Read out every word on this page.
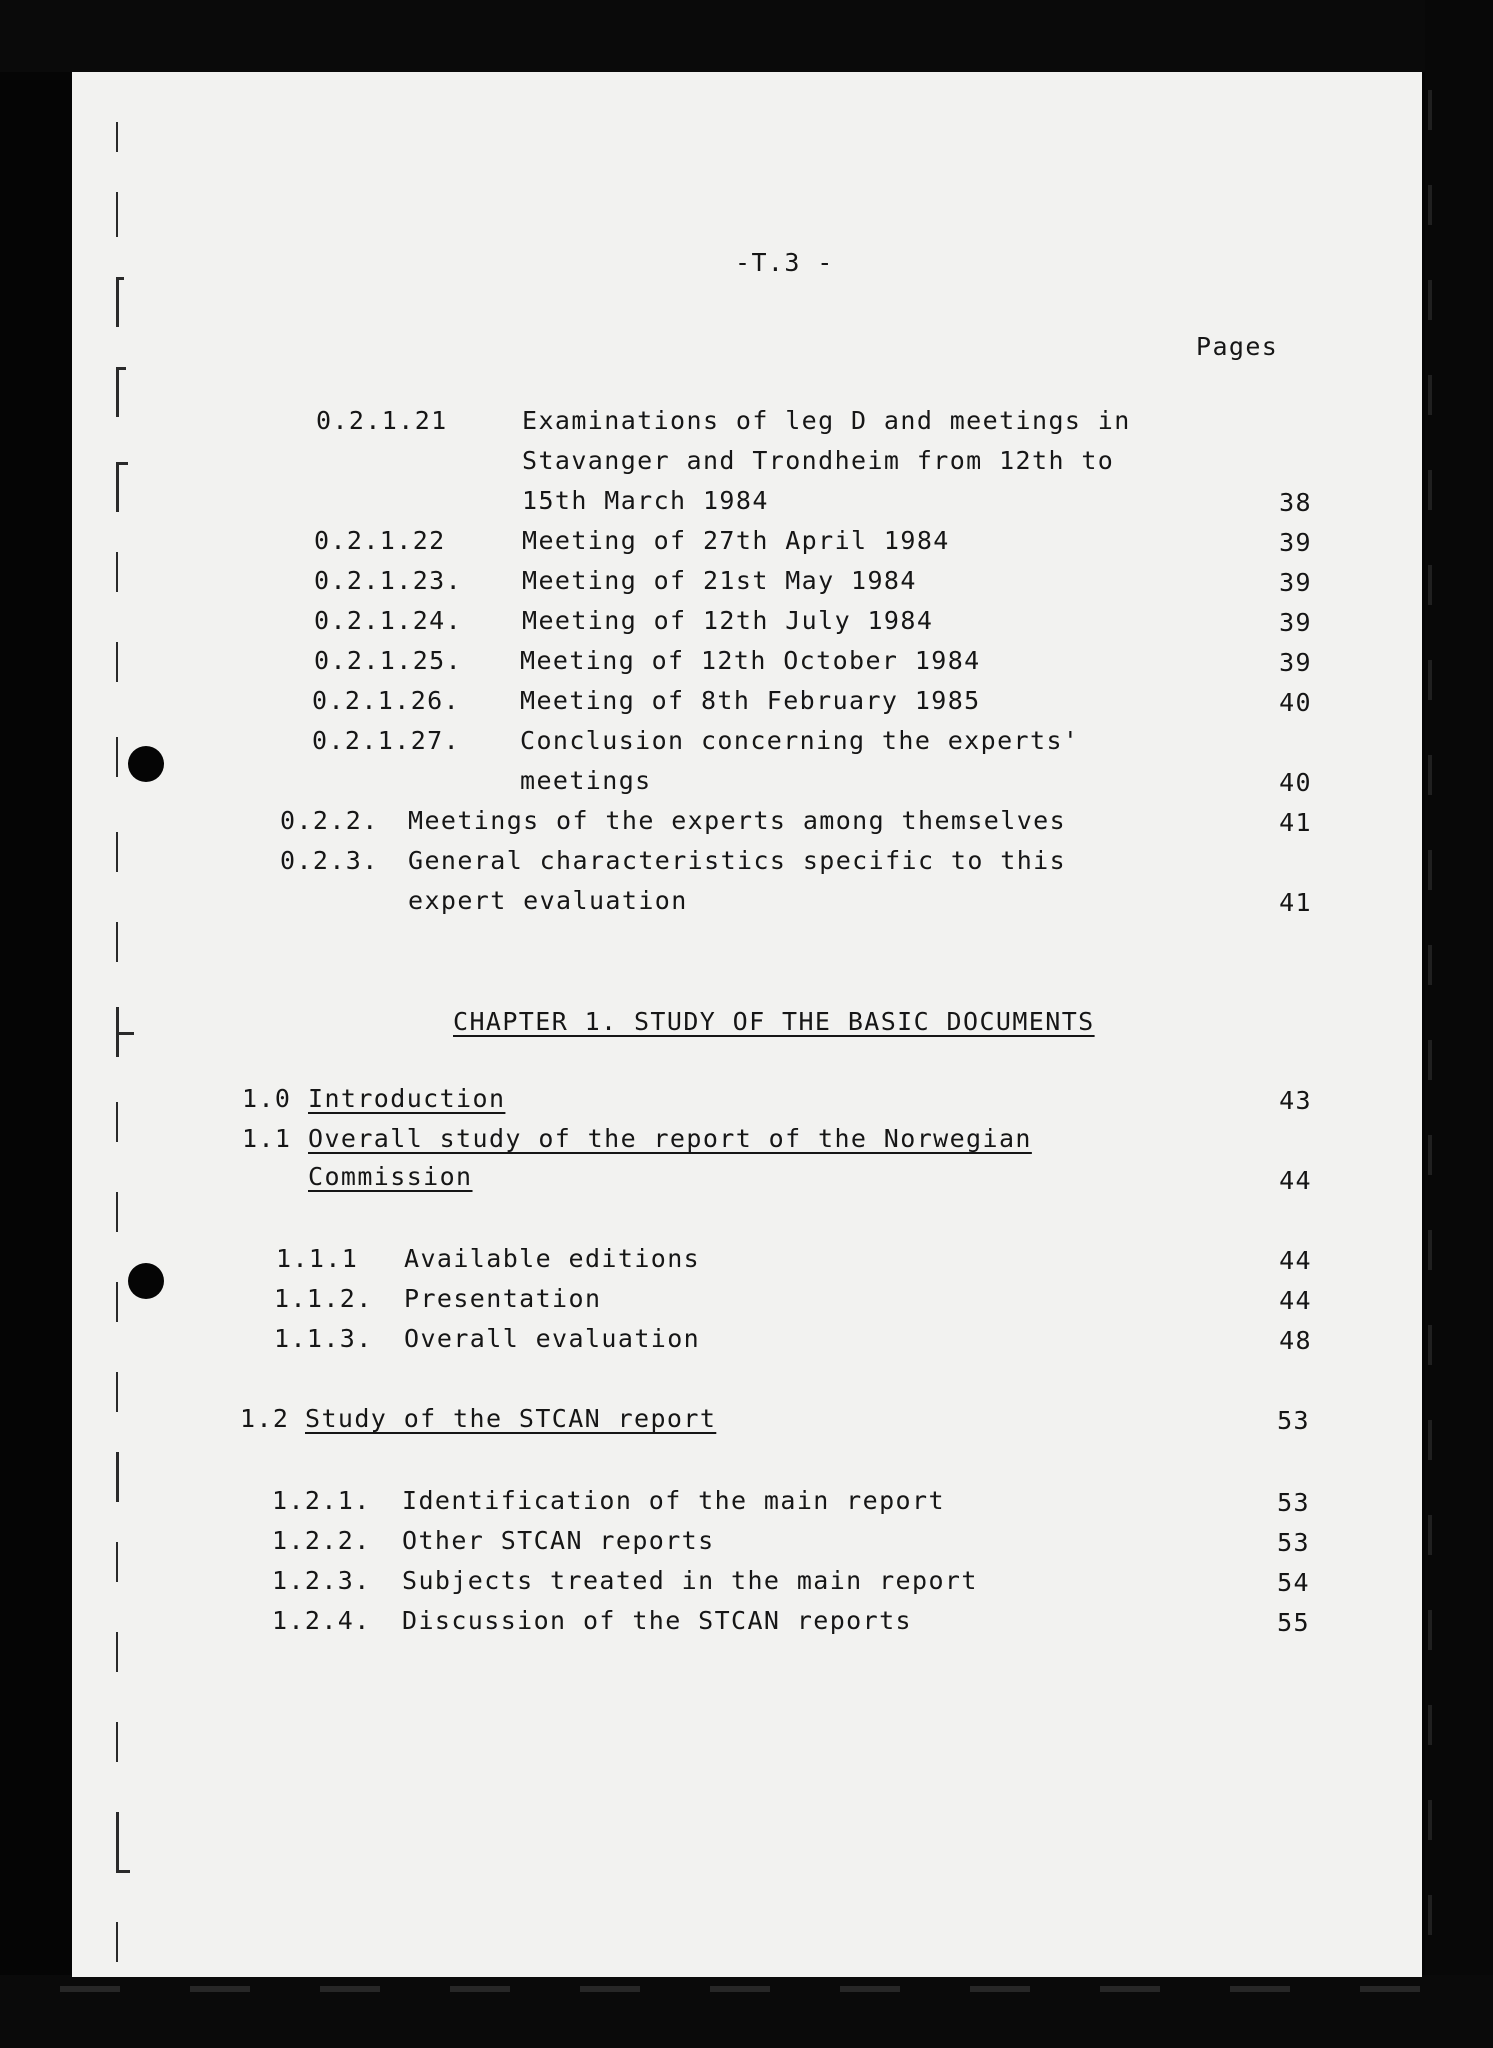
-T.3 -
Pages
0.2.1.21	Examinations of leg D and meetings in
Stavanger and Trondheim from 12th to
15th March 1984	38
0.2.1.22	Meeting of 27th April 1984	39
0.2.1.23. Meeting of 21st May 1984	39
0.2.1.24. Meeting of 12th July 1984	39
0.2.1.25. Meeting of 12th October 1984	39
0.2.1.26. Meeting of 8th February 1985	40
0.2.1.27. Conclusion concerning the experts'
meetings	40
0.2.2. Meetings of the experts among themselves	41
0.2.3. General characteristics specific to this
expert evaluation	41
CHAPTER 1. STUDY OF THE BASIC DOCUMENTS
1.0 Introduction	43
1.1 Overall study of the report of the Norwegian
Commission	44
1.1.1 Available editions	44
1.1.2. Presentation	44
1.1.3. Overall evaluation	48
1.2 Study of the STCAN report	53
1.2.1. Identification of the main report	53
1.2.2. Other STCAN reports	53
1.2.3. Subjects treated in the main report	54
1.2.4. Discussion of the STCAN reports	55
